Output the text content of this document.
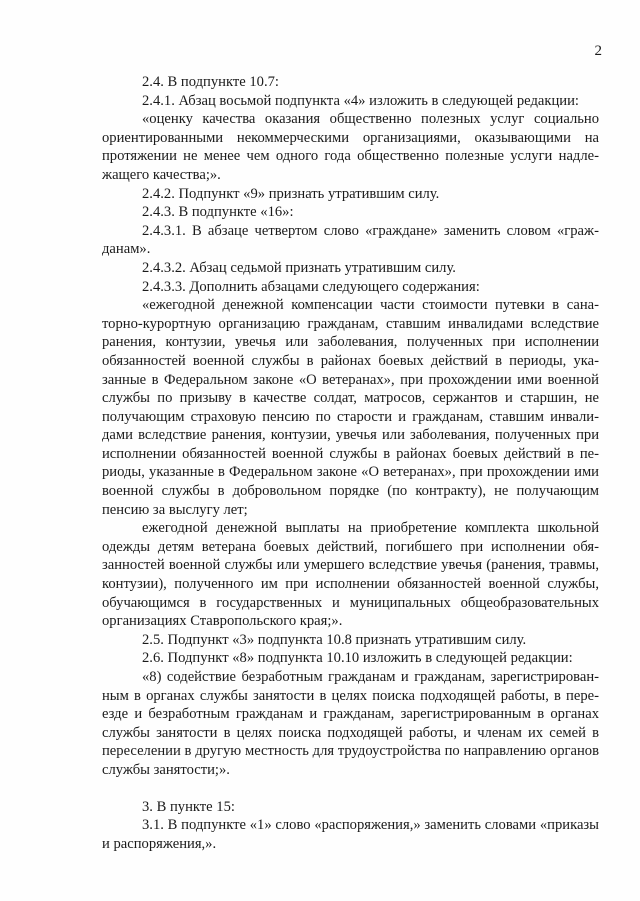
2

2.4. В подпункте 10.7:

2.4.1. Абзац восьмой подпункта «4» изложить в следующей редакции:

«оценку качества оказания общественно полезных услуг социально ориентированными некоммерческими организациями, оказывающими на протяжении не менее чем одного года общественно полезные услуги надлежащего качества;».

2.4.2. Подпункт «9» признать утратившим силу.

2.4.3. В подпункте «16»:

2.4.3.1. В абзаце четвертом слово «граждане» заменить словом «гражданам».

2.4.3.2. Абзац седьмой признать утратившим силу.

2.4.3.3. Дополнить абзацами следующего содержания:

«ежегодной денежной компенсации части стоимости путевки в санаторно-курортную организацию гражданам, ставшим инвалидами вследствие ранения, контузии, увечья или заболевания, полученных при исполнении обязанностей военной службы в районах боевых действий в периоды, указанные в Федеральном законе «О ветеранах», при прохождении ими военной службы по призыву в качестве солдат, матросов, сержантов и старшин, не получающим страховую пенсию по старости и гражданам, ставшим инвалидами вследствие ранения, контузии, увечья или заболевания, полученных при исполнении обязанностей военной службы в районах боевых действий в периоды, указанные в Федеральном законе «О ветеранах», при прохождении ими военной службы в добровольном порядке (по контракту), не получающим пенсию за выслугу лет;

ежегодной денежной выплаты на приобретение комплекта школьной одежды детям ветерана боевых действий, погибшего при исполнении обязанностей военной службы или умершего вследствие увечья (ранения, травмы, контузии), полученного им при исполнении обязанностей военной службы, обучающимся в государственных и муниципальных общеобразовательных организациях Ставропольского края;».

2.5. Подпункт «3» подпункта 10.8 признать утратившим силу.

2.6. Подпункт «8» подпункта 10.10 изложить в следующей редакции:

«8) содействие безработным гражданам и гражданам, зарегистрированным в органах службы занятости в целях поиска подходящей работы, в переезде и безработным гражданам и гражданам, зарегистрированным в органах службы занятости в целях поиска подходящей работы, и членам их семей в переселении в другую местность для трудоустройства по направлению органов службы занятости;».

3. В пункте 15:

3.1. В подпункте «1» слово «распоряжения,» заменить словами «приказы и распоряжения,».
